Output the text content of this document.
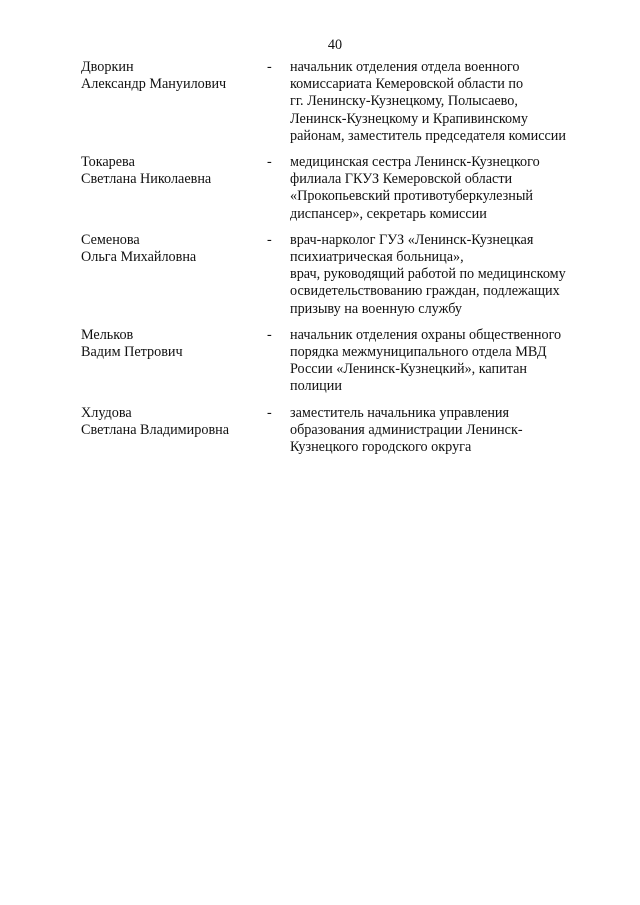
40
Дворкин
Александр Мануилович
-	начальник отделения отдела военного
комиссариата Кемеровской области по
гг. Ленинску-Кузнецкому, Полысаево,
Ленинск-Кузнецкому и Крапивинскому
районам, заместитель председателя комиссии
Токарева
Светлана Николаевна
-	медицинская сестра Ленинск-Кузнецкого
филиала ГКУЗ Кемеровской области
«Прокопьевский противотуберкулезный
диспансер», секретарь комиссии
Семенова
Ольга Михайловна
-	врач-нарколог ГУЗ «Ленинск-Кузнецкая
психиатрическая больница»,
врач, руководящий работой по медицинскому
освидетельствованию граждан, подлежащих
призыву на военную службу
Мельков
Вадим Петрович
-	начальник отделения охраны общественного
порядка межмуниципального отдела МВД
России «Ленинск-Кузнецкий», капитан
полиции
Хлудова
Светлана Владимировна
-	заместитель начальника управления
образования администрации Ленинск-
Кузнецкого городского округа
